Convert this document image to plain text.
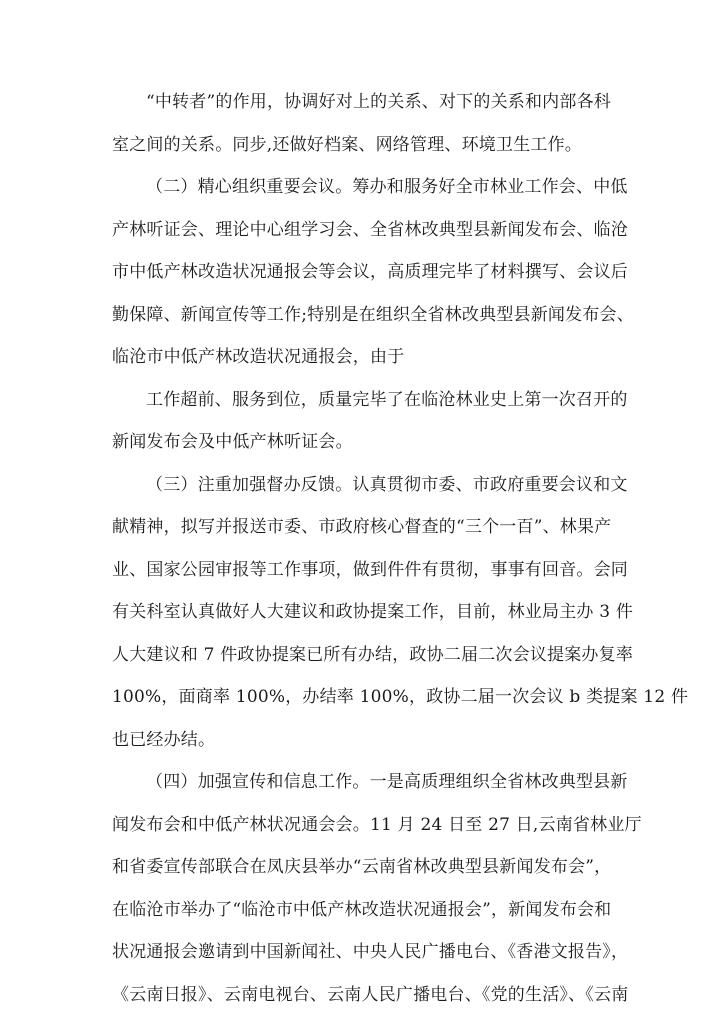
“中转者”的作用，协调好对上的关系、对下的关系和内部各科
室之间的关系。同步,还做好档案、网络管理、环境卫生工作。
（二）精心组织重要会议。筹办和服务好全市林业工作会、中低
产林听证会、理论中心组学习会、全省林改典型县新闻发布会、临沧
市中低产林改造状况通报会等会议，高质理完毕了材料撰写、会议后
勤保障、新闻宣传等工作;特别是在组织全省林改典型县新闻发布会、
临沧市中低产林改造状况通报会，由于
工作超前、服务到位，质量完毕了在临沧林业史上第一次召开的
新闻发布会及中低产林听证会。
（三）注重加强督办反馈。认真贯彻市委、市政府重要会议和文
献精神，拟写并报送市委、市政府核心督查的“三个一百”、林果产
业、国家公园审报等工作事项，做到件件有贯彻，事事有回音。会同
有关科室认真做好人大建议和政协提案工作，目前，林业局主办 3 件
人大建议和 7 件政协提案已所有办结，政协二届二次会议提案办复率
100%，面商率 100%，办结率 100%，政协二届一次会议 b 类提案 12 件
也已经办结。
（四）加强宣传和信息工作。一是高质理组织全省林改典型县新
闻发布会和中低产林状况通会会。11 月 24 日至 27 日,云南省林业厅
和省委宣传部联合在凤庆县举办“云南省林改典型县新闻发布会”，
在临沧市举办了“临沧市中低产林改造状况通报会”，新闻发布会和
状况通报会邀请到中国新闻社、中央人民广播电台、《香港文报告》，
《云南日报》、云南电视台、云南人民广播电台、《党的生活》、《云南
